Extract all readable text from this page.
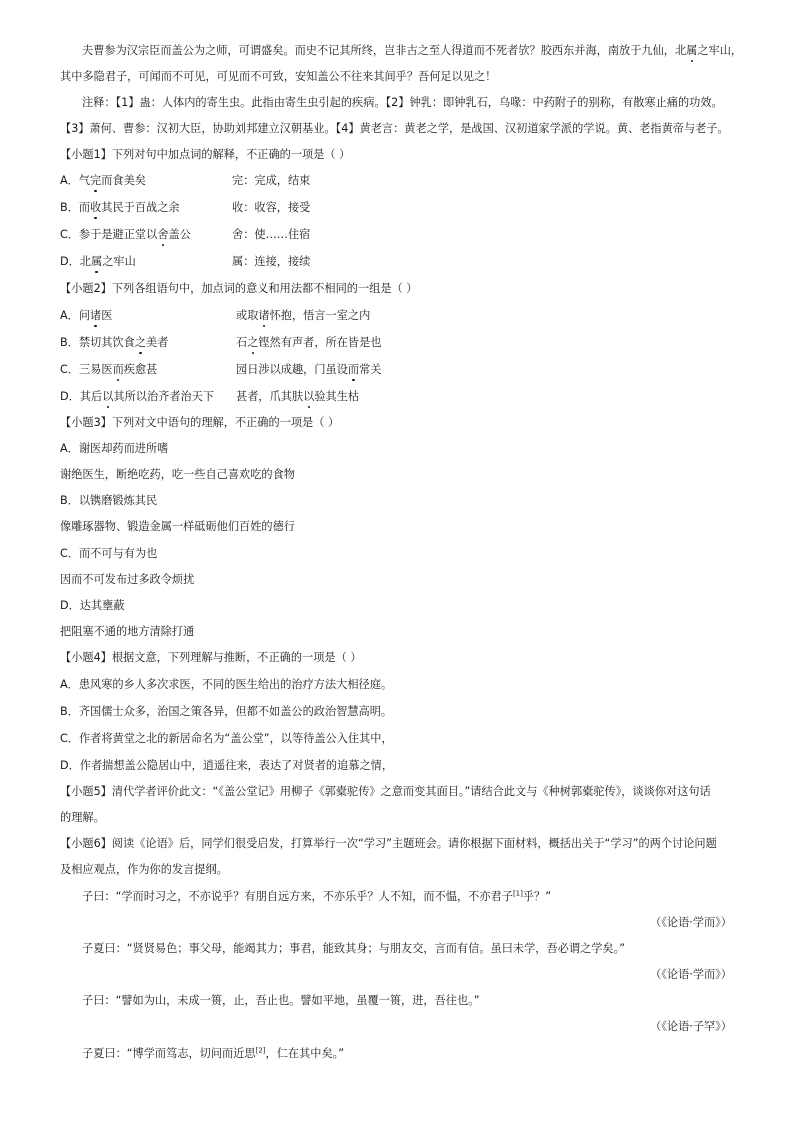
夫曹参为汉宗臣而盖公为之师，可谓盛矣。而史不记其所终，岂非古之至人得道而不死者欤？胶西东并海，南放于九仙，北属之牢山，
其中多隐君子，可闻而不可见，可见而不可致，安知盖公不往来其间乎？吾何足以见之！
注释：【1】蛊：人体内的寄生虫。此指由寄生虫引起的疾病。【2】钟乳：即钟乳石，乌喙：中药附子的别称，有散寒止痛的功效。
【3】萧何、曹参：汉初大臣，协助刘邦建立汉朝基业。【4】黄老言：黄老之学，是战国、汉初道家学派的学说。黄、老指黄帝与老子。
【小题1】下列对句中加点词的解释，不正确的一项是（ ）
A．气完而食美矣	完：完成，结束
B．而收其民于百战之余	收：收容，接受
C．参于是避正堂以舍盖公	舍：使……住宿
D．北属之牢山	属：连接，接续
【小题2】下列各组语句中，加点词的意义和用法都不相同的一组是（ ）
A．问诸医	或取诸怀抱，悟言一室之内
B．禁切其饮食之美者	石之铿然有声者，所在皆是也
C．三易医而疾愈甚	园日涉以成趣，门虽设而常关
D．其后以其所以治齐者治天下 甚者，爪其肤以验其生枯
【小题3】下列对文中语句的理解，不正确的一项是（ ）
A．谢医却药而进所嗜
谢绝医生，断绝吃药，吃一些自己喜欢吃的食物
B．以镌磨锻炼其民
像雕琢器物、锻造金属一样砥砺他们百姓的德行
C．而不可与有为也
因而不可发布过多政令烦扰
D．达其壅蔽
把阻塞不通的地方清除打通
【小题4】根据文意，下列理解与推断，不正确的一项是（ ）
A．患风寒的乡人多次求医，不同的医生给出的治疗方法大相径庭。
B．齐国儒士众多，治国之策各异，但都不如盖公的政治智慧高明。
C．作者将黄堂之北的新居命名为“盖公堂”，以等待盖公入住其中，
D．作者揣想盖公隐居山中，逍遥往来，表达了对贤者的追慕之情，
【小题5】清代学者评价此文：“《盖公堂记》用柳子《郭橐驼传》之意而变其面目。”请结合此文与《种树郭橐驼传》，谈谈你对这句话
的理解。
【小题6】阅读《论语》后，同学们很受启发，打算举行一次“学习”主题班会。请你根据下面材料，概括出关于“学习”的两个讨论问题
及相应观点，作为你的发言提纲。
子曰：“学而时习之，不亦说乎？有朋自远方来，不亦乐乎？人不知，而不愠，不亦君子[1]乎？”
（《论语·学而》）
子夏曰：“贤贤易色；事父母，能竭其力；事君，能致其身；与朋友交，言而有信。虽曰未学，吾必谓之学矣。”
（《论语·学而》）
子曰：“譬如为山，未成一篑，止，吾止也。譬如平地，虽覆一篑，进，吾往也。”
（《论语·子罕》）
子夏曰：“博学而笃志，切问而近思[2]，仁在其中矣。”
